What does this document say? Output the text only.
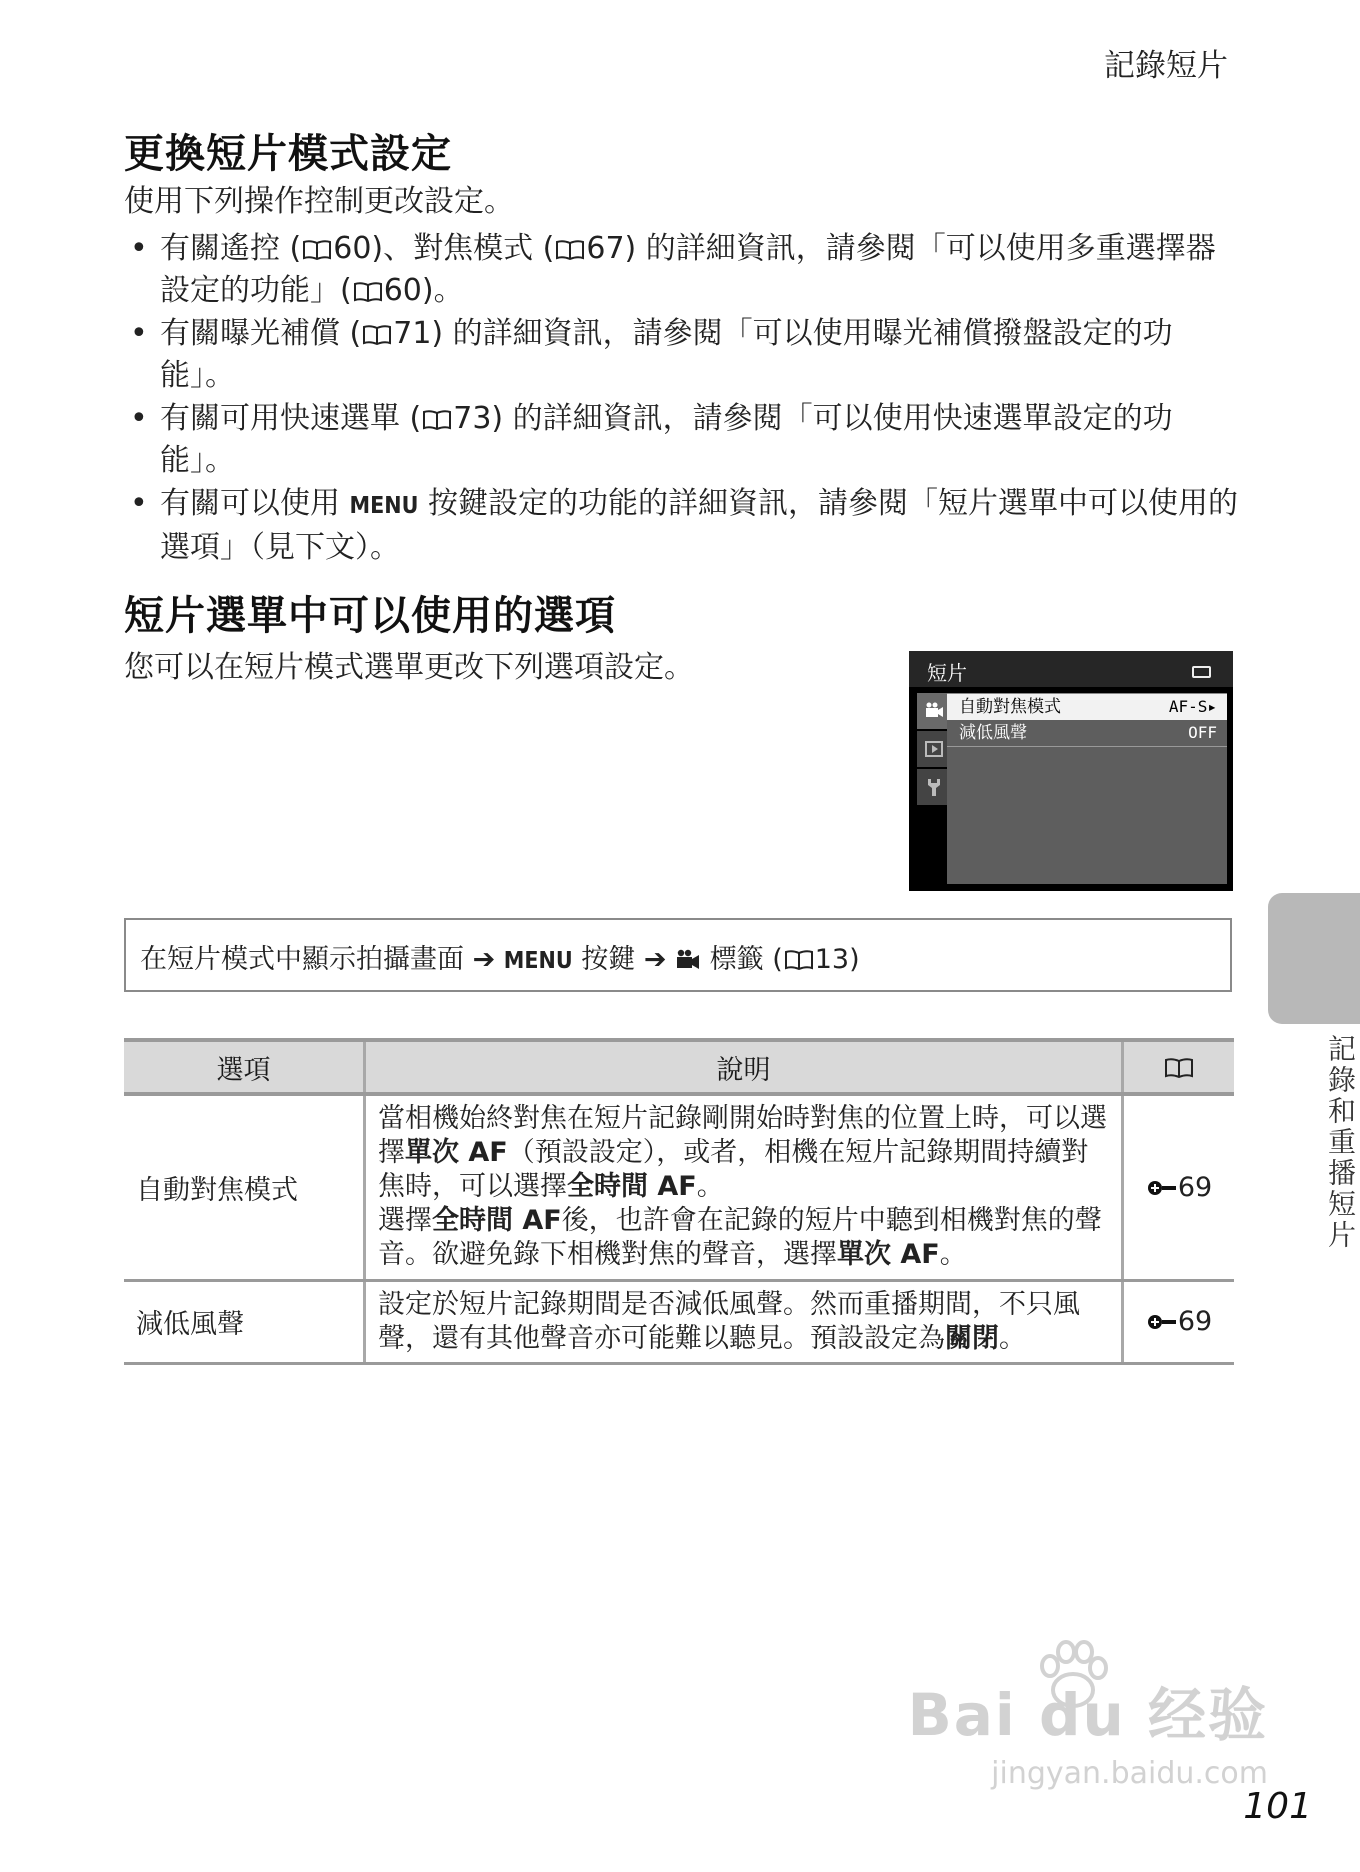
記錄短片
更換短片模式設定
使用下列操作控制更改設定。
• 有關遙控 ( 60)、對焦模式 ( 67) 的詳細資訊，請參閱「可以使用多重選擇器設定的功能」( 60)。
• 有關曝光補償 ( 71) 的詳細資訊，請參閱「可以使用曝光補償撥盤設定的功能」。
• 有關可用快速選單 ( 73) 的詳細資訊，請參閱「可以使用快速選單設定的功能」。
• 有關可以使用 MENU 按鍵設定的功能的詳細資訊，請參閱「短片選單中可以使用的選項」（見下文）。
短片選單中可以使用的選項
您可以在短片模式選單更改下列選項設定。	短片
自動對焦模式	AF-S▸
減低風聲	OFF
在短片模式中顯示拍攝畫面 ➔ MENU 按鍵 ➔  標籤 ( 13)
選項	說明	
自動對焦模式	當相機始終對焦在短片記錄剛開始時對焦的位置上時，可以選擇單次 AF（預設設定），或者，相機在短片記錄期間持續對焦時，可以選擇全時間 AF。
選擇全時間 AF後，也許會在記錄的短片中聽到相機對焦的聲音。欲避免錄下相機對焦的聲音，選擇單次 AF。	69
減低風聲	設定於短片記錄期間是否減低風聲。然而重播期間，不只風聲，還有其他聲音亦可能難以聽見。預設設定為關閉。	69
記錄和重播短片
Bai du 经验
jingyan.baidu.com
101
